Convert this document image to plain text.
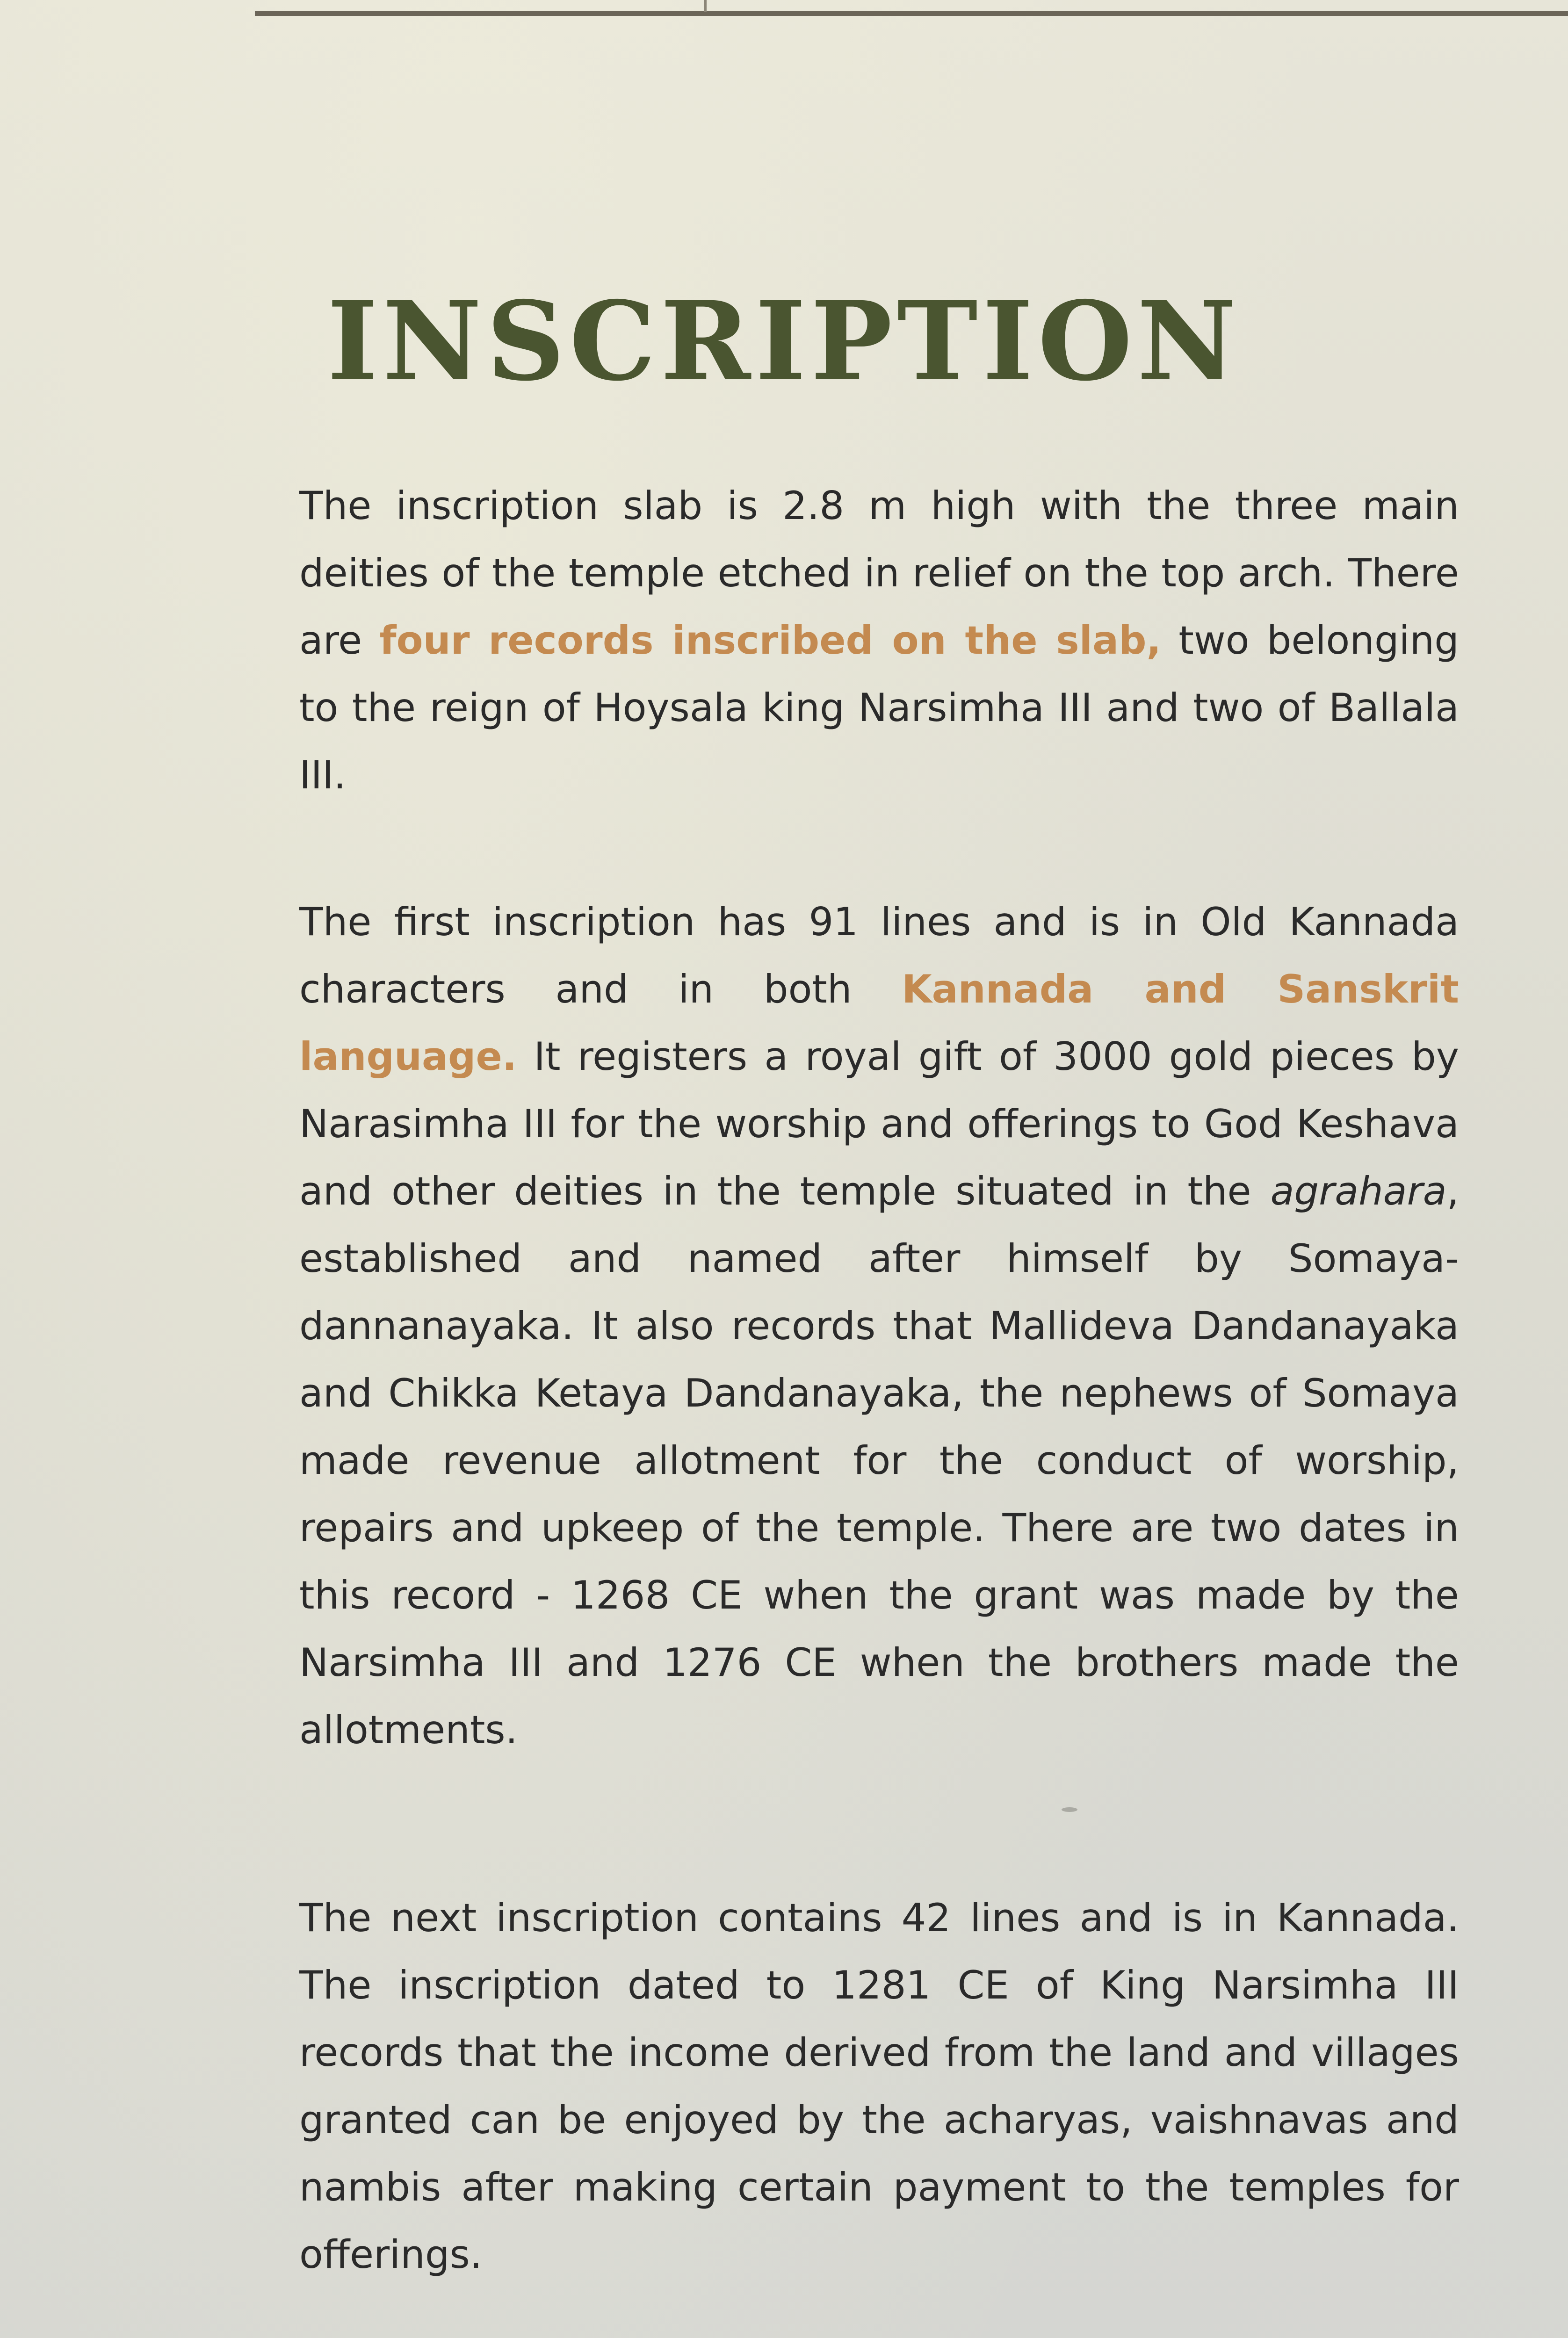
INSCRIPTION

The inscription slab is 2.8 m high with the three main deities of the temple etched in relief on the top arch. There are four records inscribed on the slab, two belonging to the reign of Hoysala king Narsimha III and two of Ballala III.

The first inscription has 91 lines and is in Old Kannada characters and in both Kannada and Sanskrit language. It registers a royal gift of 3000 gold pieces by Narasimha III for the worship and offerings to God Keshava and other deities in the temple situated in the agrahara, established and named after himself by Somaya-dannanayaka. It also records that Mallideva Dandanayaka and Chikka Ketaya Dandanayaka, the nephews of Somaya made revenue allotment for the conduct of worship, repairs and upkeep of the temple. There are two dates in this record - 1268 CE when the grant was made by the Narsimha III and 1276 CE when the brothers made the allotments.

The next inscription contains 42 lines and is in Kannada. The inscription dated to 1281 CE of King Narsimha III records that the income derived from the land and villages granted can be enjoyed by the acharyas, vaishnavas and nambis after making certain payment to the temples for offerings.
